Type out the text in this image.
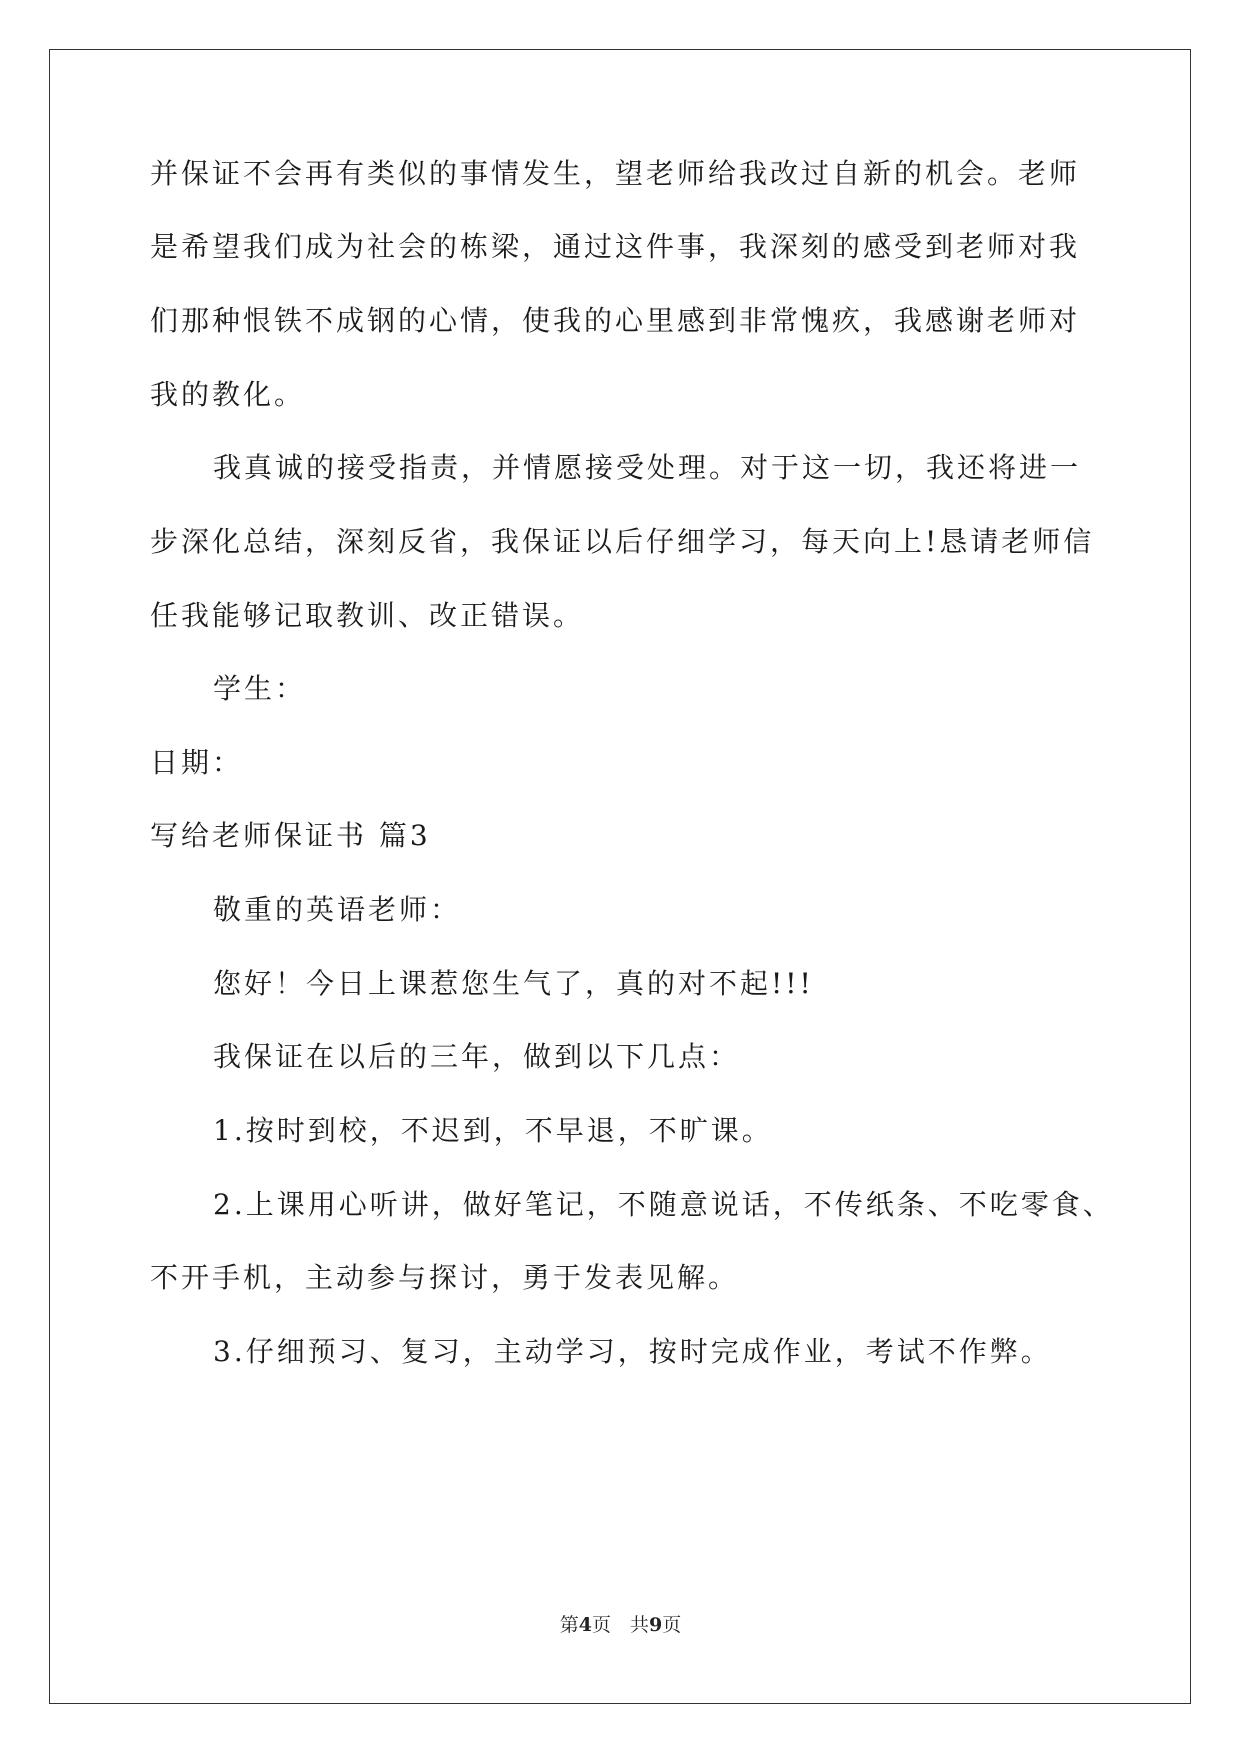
并保证不会再有类似的事情发生，望老师给我改过自新的机会。老师
是希望我们成为社会的栋梁，通过这件事，我深刻的感受到老师对我
们那种恨铁不成钢的心情，使我的心里感到非常愧疚，我感谢老师对
我的教化。
我真诚的接受指责，并情愿接受处理。对于这一切，我还将进一
步深化总结，深刻反省，我保证以后仔细学习，每天向上!恳请老师信
任我能够记取教训、改正错误。
学生：
日期：
写给老师保证书 篇3
敬重的英语老师：
您好！今日上课惹您生气了，真的对不起!!!
我保证在以后的三年，做到以下几点：
1.按时到校，不迟到，不早退，不旷课。
2.上课用心听讲，做好笔记，不随意说话，不传纸条、不吃零食、
不开手机，主动参与探讨，勇于发表见解。
3.仔细预习、复习，主动学习，按时完成作业，考试不作弊。
第4页　共9页
